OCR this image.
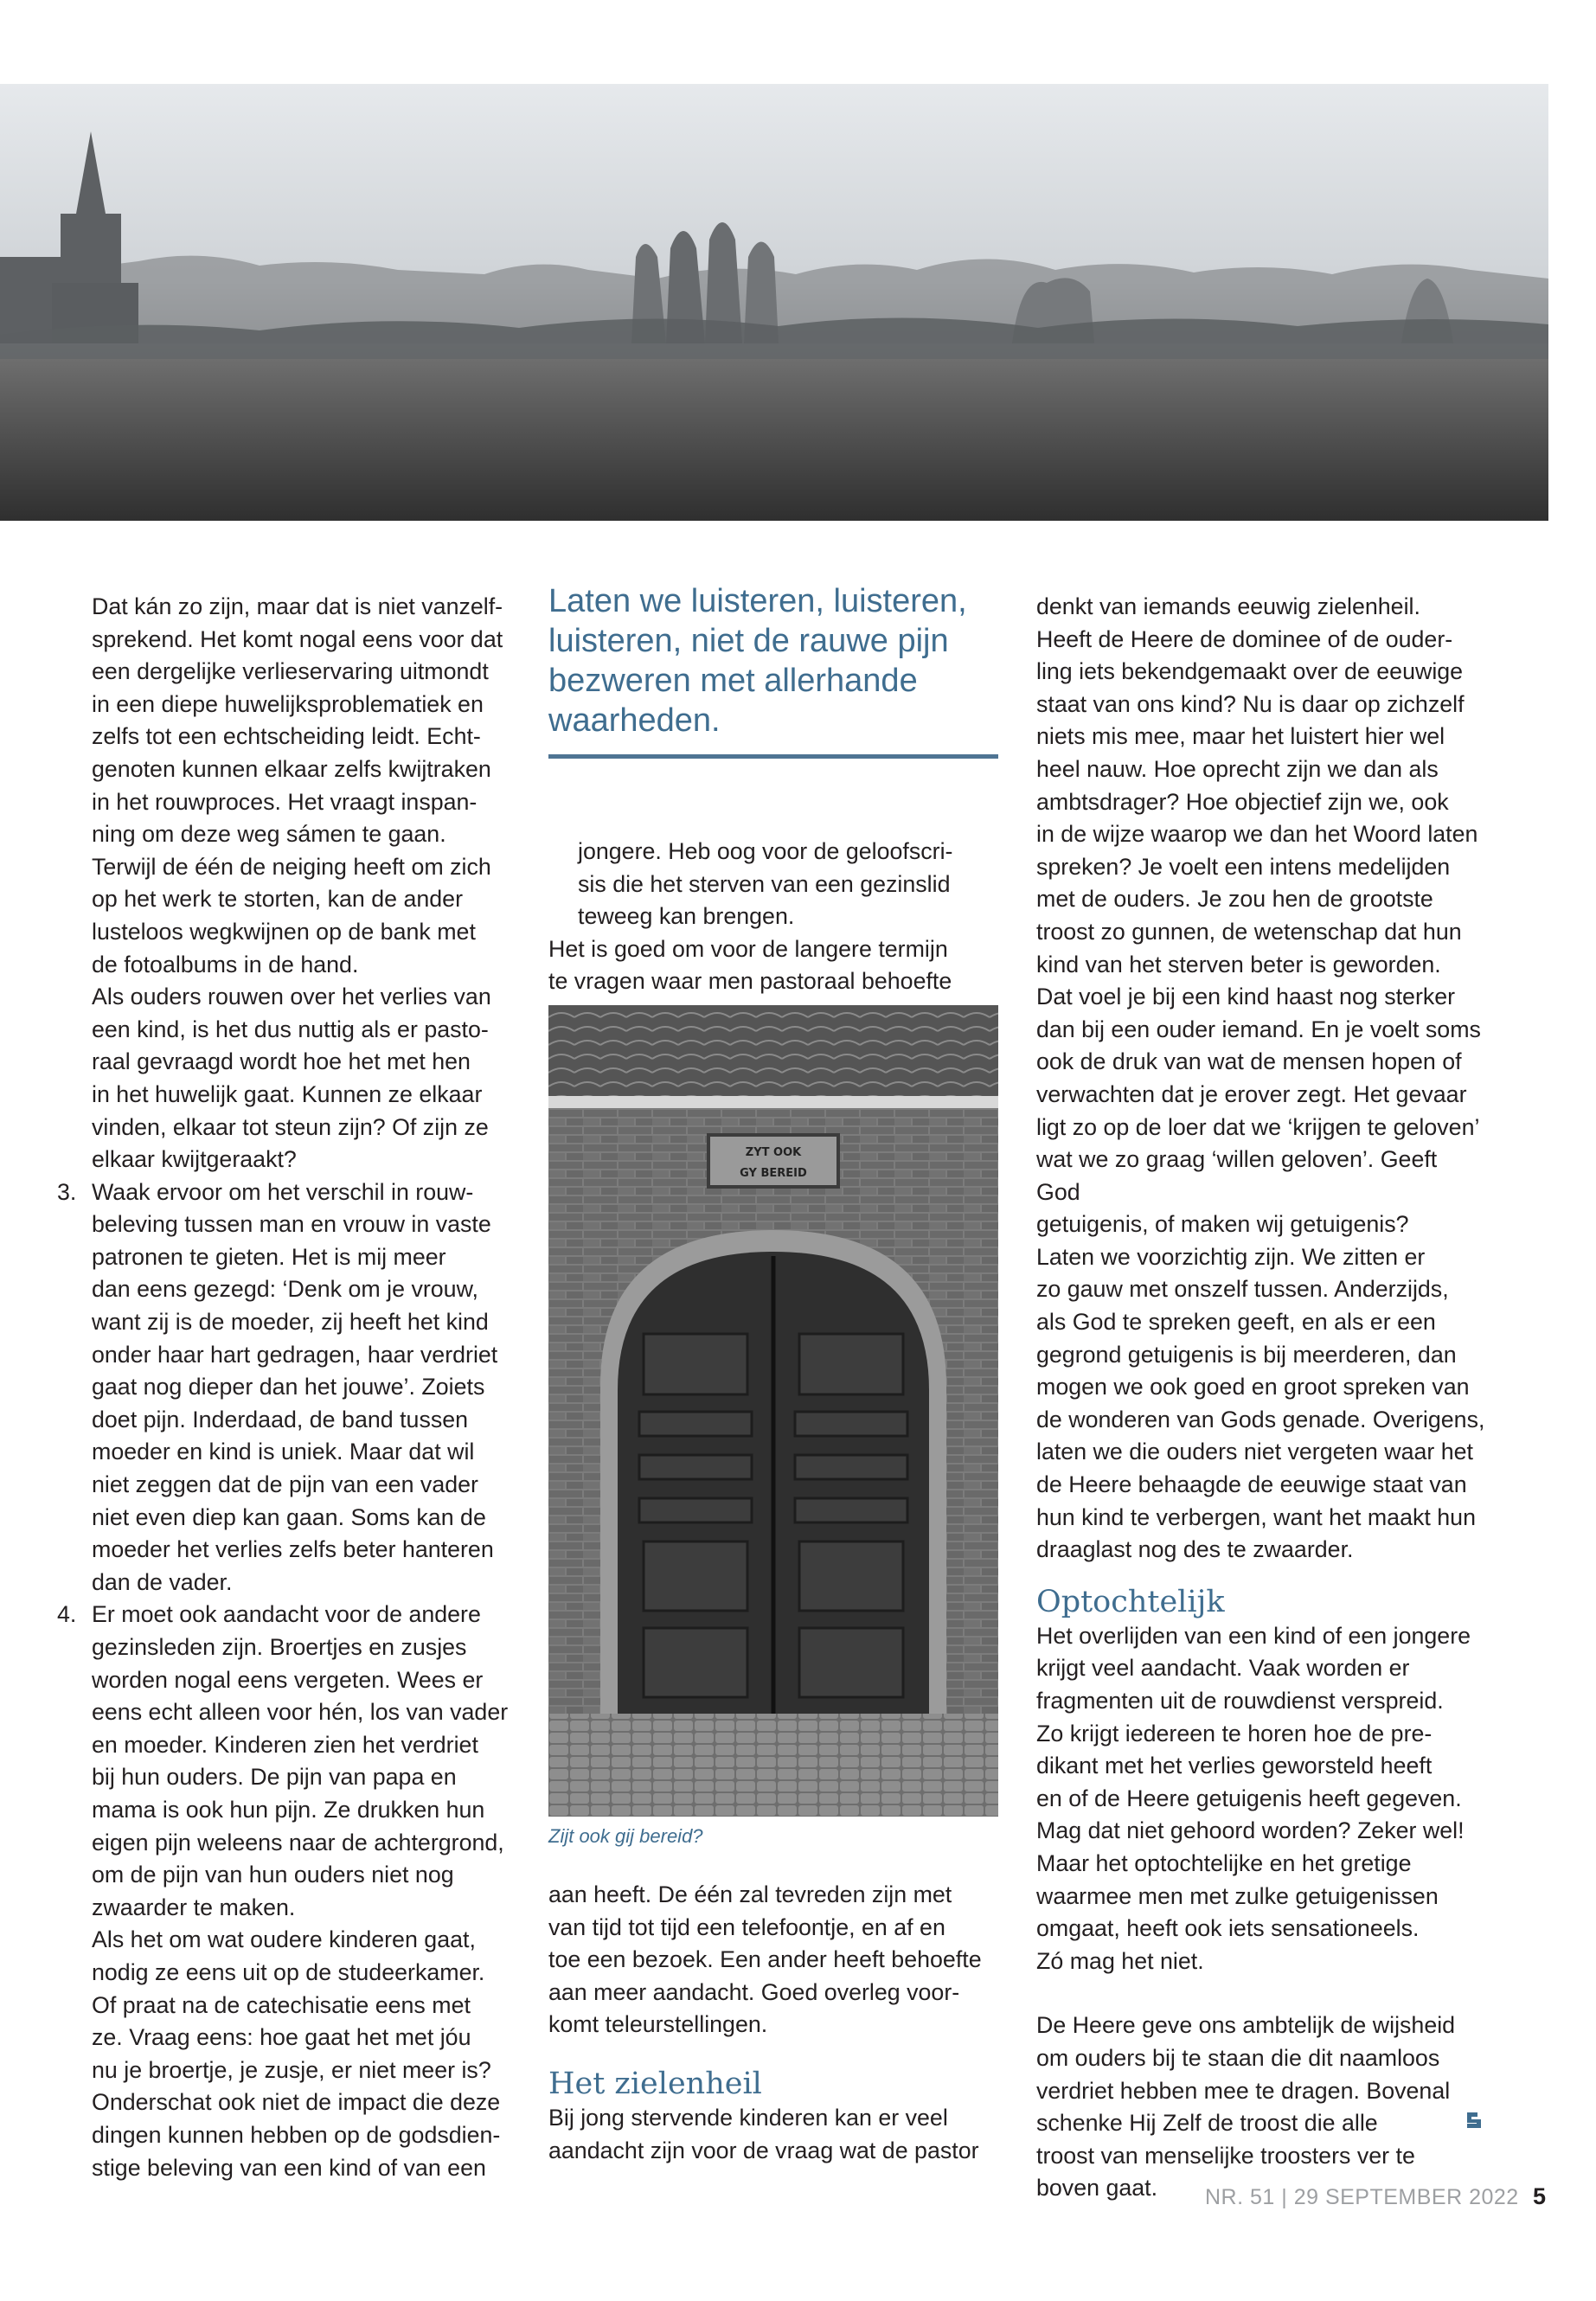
Dat kán zo zijn, maar dat is niet vanzelf-

sprekend. Het komt nogal eens voor dat

een dergelijke verlieservaring uitmondt

in een diepe huwelijksproblematiek en

zelfs tot een echtscheiding leidt. Echt-

genoten kunnen elkaar zelfs kwijtraken

in het rouwproces. Het vraagt inspan-

ning om deze weg sámen te gaan.

Terwijl de één de neiging heeft om zich

op het werk te storten, kan de ander

lusteloos wegkwijnen op de bank met

de fotoalbums in de hand.

Als ouders rouwen over het verlies van

een kind, is het dus nuttig als er pasto-

raal gevraagd wordt hoe het met hen

in het huwelijk gaat. Kunnen ze elkaar

vinden, elkaar tot steun zijn? Of zijn ze

elkaar kwijtgeraakt?

3. Waak ervoor om het verschil in rouw-

beleving tussen man en vrouw in vaste

patronen te gieten. Het is mij meer

dan eens gezegd: ‘Denk om je vrouw,

want zij is de moeder, zij heeft het kind

onder haar hart gedragen, haar verdriet

gaat nog dieper dan het jouwe’. Zoiets

doet pijn. Inderdaad, de band tussen

moeder en kind is uniek. Maar dat wil

niet zeggen dat de pijn van een vader

niet even diep kan gaan. Soms kan de

moeder het verlies zelfs beter hanteren

dan de vader.

4. Er moet ook aandacht voor de andere

gezinsleden zijn. Broertjes en zusjes

worden nogal eens vergeten. Wees er

eens echt alleen voor hén, los van vader

en moeder. Kinderen zien het verdriet

bij hun ouders. De pijn van papa en

mama is ook hun pijn. Ze drukken hun

eigen pijn weleens naar de achtergrond,

om de pijn van hun ouders niet nog

zwaarder te maken.

Als het om wat oudere kinderen gaat,

nodig ze eens uit op de studeerkamer.

Of praat na de catechisatie eens met

ze. Vraag eens: hoe gaat het met jóu

nu je broertje, je zusje, er niet meer is?

Onderschat ook niet de impact die deze

dingen kunnen hebben op de godsdien-

stige beleving van een kind of van een

Laten we luisteren, luisteren,
luisteren, niet de rauwe pijn
bezweren met allerhande
waarheden.

jongere. Heb oog voor de geloofscri-

sis die het sterven van een gezinslid

teweeg kan brengen.

Het is goed om voor de langere termijn

te vragen waar men pastoraal behoefte

ZYT OOK
GY BEREID
Zijt ook gij bereid?

aan heeft. De één zal tevreden zijn met

van tijd tot tijd een telefoontje, en af en

toe een bezoek. Een ander heeft behoefte

aan meer aandacht. Goed overleg voor-

komt teleurstellingen.

Het zielenheil

Bij jong stervende kinderen kan er veel

aandacht zijn voor de vraag wat de pastor

denkt van iemands eeuwig zielenheil.

Heeft de Heere de dominee of de ouder-

ling iets bekendgemaakt over de eeuwige

staat van ons kind? Nu is daar op zichzelf

niets mis mee, maar het luistert hier wel

heel nauw. Hoe oprecht zijn we dan als

ambtsdrager? Hoe objectief zijn we, ook

in de wijze waarop we dan het Woord laten

spreken? Je voelt een intens medelijden

met de ouders. Je zou hen de grootste

troost zo gunnen, de wetenschap dat hun

kind van het sterven beter is geworden.

Dat voel je bij een kind haast nog sterker

dan bij een ouder iemand. En je voelt soms

ook de druk van wat de mensen hopen of

verwachten dat je erover zegt. Het gevaar

ligt zo op de loer dat we ‘krijgen te geloven’

wat we zo graag ‘willen geloven’. Geeft God

getuigenis, of maken wij getuigenis?

Laten we voorzichtig zijn. We zitten er

zo gauw met onszelf tussen. Anderzijds,

als God te spreken geeft, en als er een

gegrond getuigenis is bij meerderen, dan

mogen we ook goed en groot spreken van

de wonderen van Gods genade. Overigens,

laten we die ouders niet vergeten waar het

de Heere behaagde de eeuwige staat van

hun kind te verbergen, want het maakt hun

draaglast nog des te zwaarder.

Optochtelijk

Het overlijden van een kind of een jongere

krijgt veel aandacht. Vaak worden er

fragmenten uit de rouwdienst verspreid.

Zo krijgt iedereen te horen hoe de pre-

dikant met het verlies geworsteld heeft

en of de Heere getuigenis heeft gegeven.

Mag dat niet gehoord worden? Zeker wel!

Maar het optochtelijke en het gretige

waarmee men met zulke getuigenissen

omgaat, heeft ook iets sensationeels.

Zó mag het niet.

De Heere geve ons ambtelijk de wijsheid

om ouders bij te staan die dit naamloos

verdriet hebben mee te dragen. Bovenal

schenke Hij Zelf de troost die alle

troost van menselijke troosters ver te

boven gaat.	NR. 51 | 29 SEPTEMBER 2022 5
